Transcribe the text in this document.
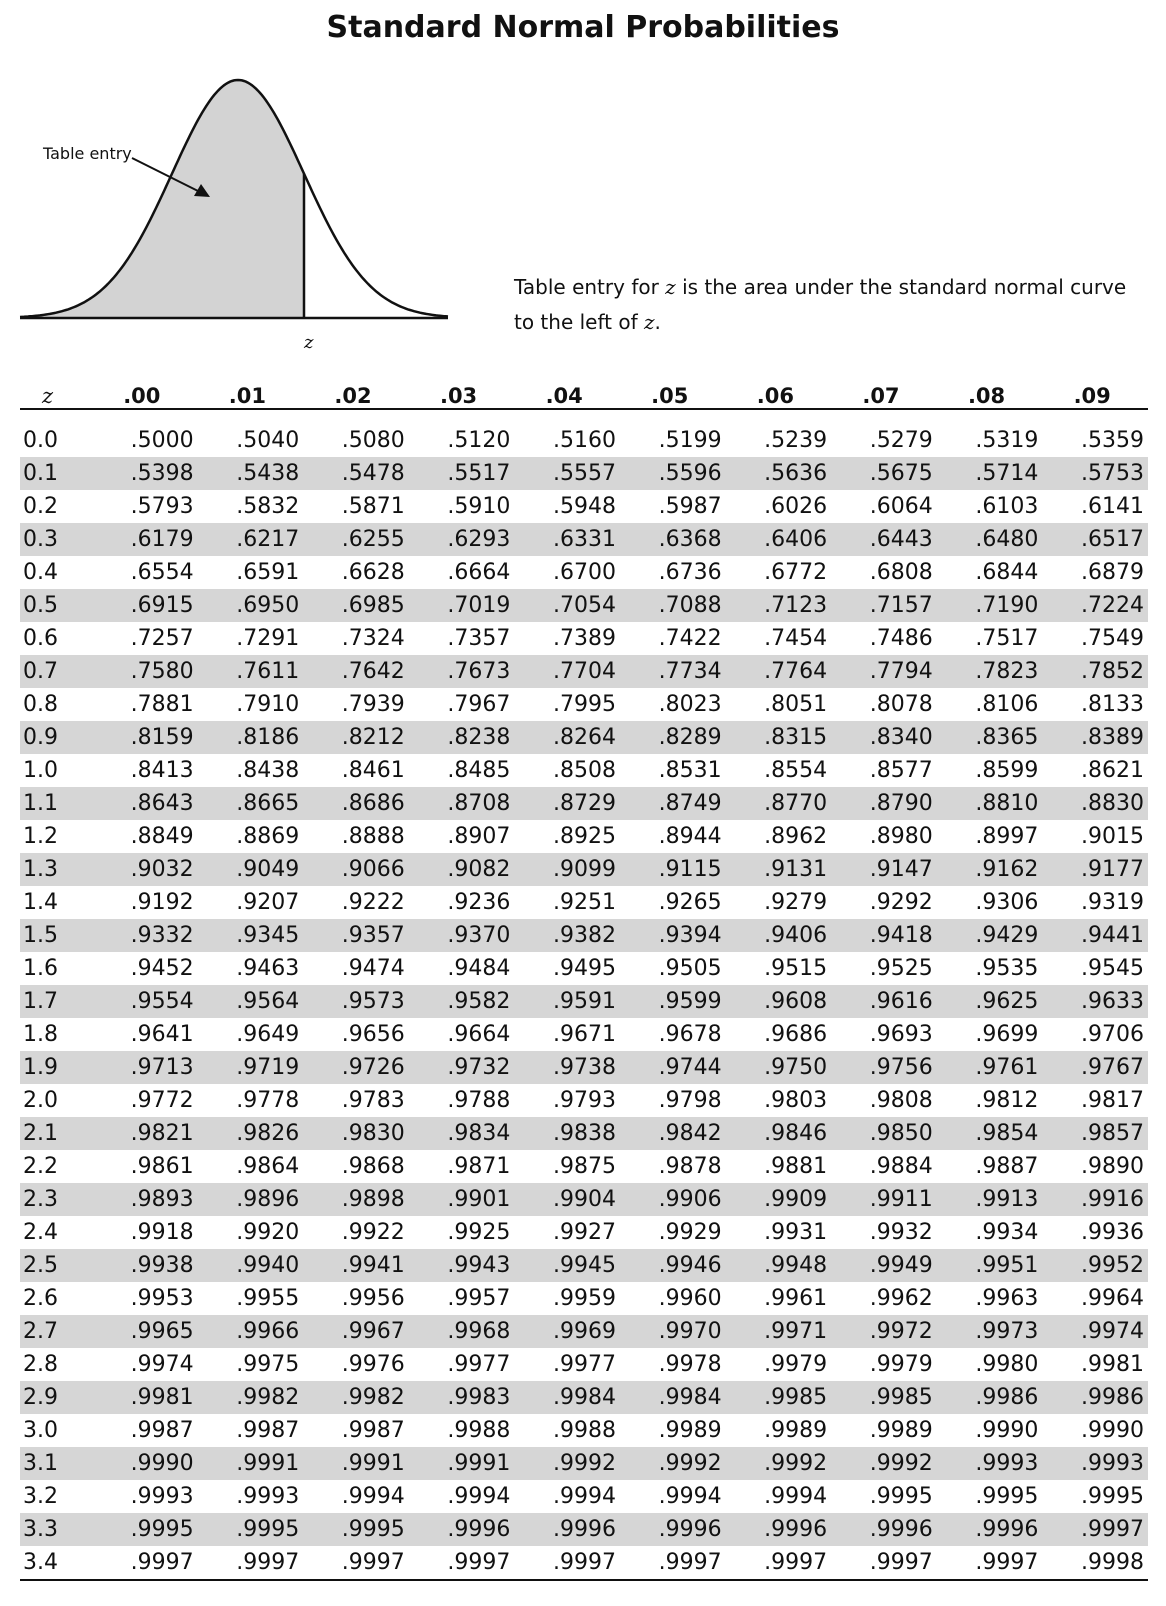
Standard Normal Probabilities
Table entry
z
Table entry for z is the area under the standard normal curve
to the left of z.
z	.00	.01	.02	.03	.04	.05	.06	.07	.08	.09

0.0	.5000	.5040	.5080	.5120	.5160	.5199	.5239	.5279	.5319	.5359
0.1	.5398	.5438	.5478	.5517	.5557	.5596	.5636	.5675	.5714	.5753
0.2	.5793	.5832	.5871	.5910	.5948	.5987	.6026	.6064	.6103	.6141
0.3	.6179	.6217	.6255	.6293	.6331	.6368	.6406	.6443	.6480	.6517
0.4	.6554	.6591	.6628	.6664	.6700	.6736	.6772	.6808	.6844	.6879
0.5	.6915	.6950	.6985	.7019	.7054	.7088	.7123	.7157	.7190	.7224
0.6	.7257	.7291	.7324	.7357	.7389	.7422	.7454	.7486	.7517	.7549
0.7	.7580	.7611	.7642	.7673	.7704	.7734	.7764	.7794	.7823	.7852
0.8	.7881	.7910	.7939	.7967	.7995	.8023	.8051	.8078	.8106	.8133
0.9	.8159	.8186	.8212	.8238	.8264	.8289	.8315	.8340	.8365	.8389
1.0	.8413	.8438	.8461	.8485	.8508	.8531	.8554	.8577	.8599	.8621
1.1	.8643	.8665	.8686	.8708	.8729	.8749	.8770	.8790	.8810	.8830
1.2	.8849	.8869	.8888	.8907	.8925	.8944	.8962	.8980	.8997	.9015
1.3	.9032	.9049	.9066	.9082	.9099	.9115	.9131	.9147	.9162	.9177
1.4	.9192	.9207	.9222	.9236	.9251	.9265	.9279	.9292	.9306	.9319
1.5	.9332	.9345	.9357	.9370	.9382	.9394	.9406	.9418	.9429	.9441
1.6	.9452	.9463	.9474	.9484	.9495	.9505	.9515	.9525	.9535	.9545
1.7	.9554	.9564	.9573	.9582	.9591	.9599	.9608	.9616	.9625	.9633
1.8	.9641	.9649	.9656	.9664	.9671	.9678	.9686	.9693	.9699	.9706
1.9	.9713	.9719	.9726	.9732	.9738	.9744	.9750	.9756	.9761	.9767
2.0	.9772	.9778	.9783	.9788	.9793	.9798	.9803	.9808	.9812	.9817
2.1	.9821	.9826	.9830	.9834	.9838	.9842	.9846	.9850	.9854	.9857
2.2	.9861	.9864	.9868	.9871	.9875	.9878	.9881	.9884	.9887	.9890
2.3	.9893	.9896	.9898	.9901	.9904	.9906	.9909	.9911	.9913	.9916
2.4	.9918	.9920	.9922	.9925	.9927	.9929	.9931	.9932	.9934	.9936
2.5	.9938	.9940	.9941	.9943	.9945	.9946	.9948	.9949	.9951	.9952
2.6	.9953	.9955	.9956	.9957	.9959	.9960	.9961	.9962	.9963	.9964
2.7	.9965	.9966	.9967	.9968	.9969	.9970	.9971	.9972	.9973	.9974
2.8	.9974	.9975	.9976	.9977	.9977	.9978	.9979	.9979	.9980	.9981
2.9	.9981	.9982	.9982	.9983	.9984	.9984	.9985	.9985	.9986	.9986
3.0	.9987	.9987	.9987	.9988	.9988	.9989	.9989	.9989	.9990	.9990
3.1	.9990	.9991	.9991	.9991	.9992	.9992	.9992	.9992	.9993	.9993
3.2	.9993	.9993	.9994	.9994	.9994	.9994	.9994	.9995	.9995	.9995
3.3	.9995	.9995	.9995	.9996	.9996	.9996	.9996	.9996	.9996	.9997
3.4	.9997	.9997	.9997	.9997	.9997	.9997	.9997	.9997	.9997	.9998
